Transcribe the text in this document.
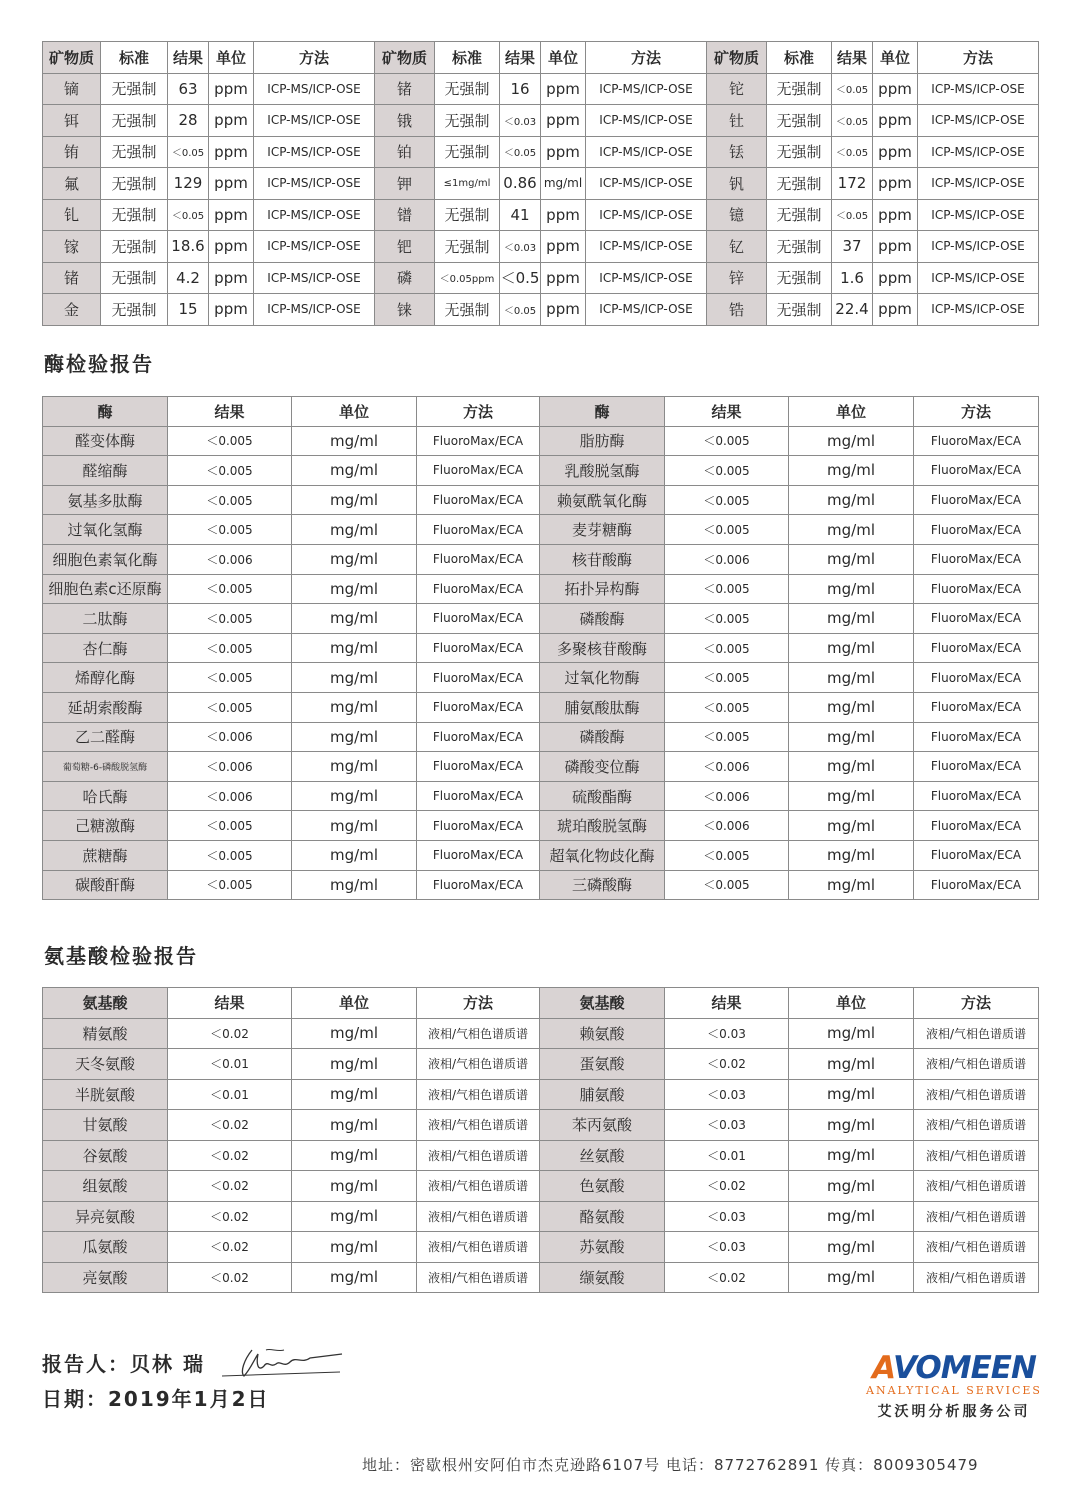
矿物质	标准	结果	单位	方法	矿物质	标准	结果	单位	方法	矿物质	标准	结果	单位	方法
镝	无强制	63	ppm	ICP-MS/ICP-OSE	锗	无强制	16	ppm	ICP-MS/ICP-OSE	铊	无强制	＜0.05	ppm	ICP-MS/ICP-OSE
铒	无强制	28	ppm	ICP-MS/ICP-OSE	锇	无强制	＜0.03	ppm	ICP-MS/ICP-OSE	钍	无强制	＜0.05	ppm	ICP-MS/ICP-OSE
铕	无强制	＜0.05	ppm	ICP-MS/ICP-OSE	铂	无强制	＜0.05	ppm	ICP-MS/ICP-OSE	铥	无强制	＜0.05	ppm	ICP-MS/ICP-OSE
氟	无强制	129	ppm	ICP-MS/ICP-OSE	钾	≤1mg/ml	0.86	mg/ml	ICP-MS/ICP-OSE	钒	无强制	172	ppm	ICP-MS/ICP-OSE
钆	无强制	＜0.05	ppm	ICP-MS/ICP-OSE	镨	无强制	41	ppm	ICP-MS/ICP-OSE	镱	无强制	＜0.05	ppm	ICP-MS/ICP-OSE
镓	无强制	18.6	ppm	ICP-MS/ICP-OSE	钯	无强制	＜0.03	ppm	ICP-MS/ICP-OSE	钇	无强制	37	ppm	ICP-MS/ICP-OSE
锗	无强制	4.2	ppm	ICP-MS/ICP-OSE	磷	＜0.05ppm	＜0.5	ppm	ICP-MS/ICP-OSE	锌	无强制	1.6	ppm	ICP-MS/ICP-OSE
金	无强制	15	ppm	ICP-MS/ICP-OSE	铼	无强制	＜0.05	ppm	ICP-MS/ICP-OSE	锆	无强制	22.4	ppm	ICP-MS/ICP-OSE
酶检验报告
酶	结果	单位	方法	酶	结果	单位	方法
醛变体酶	＜0.005	mg/ml	FluoroMax/ECA	脂肪酶	＜0.005	mg/ml	FluoroMax/ECA
醛缩酶	＜0.005	mg/ml	FluoroMax/ECA	乳酸脱氢酶	＜0.005	mg/ml	FluoroMax/ECA
氨基多肽酶	＜0.005	mg/ml	FluoroMax/ECA	赖氨酰氧化酶	＜0.005	mg/ml	FluoroMax/ECA
过氧化氢酶	＜0.005	mg/ml	FluoroMax/ECA	麦芽糖酶	＜0.005	mg/ml	FluoroMax/ECA
细胞色素氧化酶	＜0.006	mg/ml	FluoroMax/ECA	核苷酸酶	＜0.006	mg/ml	FluoroMax/ECA
细胞色素c还原酶	＜0.005	mg/ml	FluoroMax/ECA	拓扑异构酶	＜0.005	mg/ml	FluoroMax/ECA
二肽酶	＜0.005	mg/ml	FluoroMax/ECA	磷酸酶	＜0.005	mg/ml	FluoroMax/ECA
杏仁酶	＜0.005	mg/ml	FluoroMax/ECA	多聚核苷酸酶	＜0.005	mg/ml	FluoroMax/ECA
烯醇化酶	＜0.005	mg/ml	FluoroMax/ECA	过氧化物酶	＜0.005	mg/ml	FluoroMax/ECA
延胡索酸酶	＜0.005	mg/ml	FluoroMax/ECA	脯氨酸肽酶	＜0.005	mg/ml	FluoroMax/ECA
乙二醛酶	＜0.006	mg/ml	FluoroMax/ECA	磷酸酶	＜0.005	mg/ml	FluoroMax/ECA
葡萄糖-6-磷酸脱氢酶	＜0.006	mg/ml	FluoroMax/ECA	磷酸变位酶	＜0.006	mg/ml	FluoroMax/ECA
哈氏酶	＜0.006	mg/ml	FluoroMax/ECA	硫酸酯酶	＜0.006	mg/ml	FluoroMax/ECA
己糖激酶	＜0.005	mg/ml	FluoroMax/ECA	琥珀酸脱氢酶	＜0.006	mg/ml	FluoroMax/ECA
蔗糖酶	＜0.005	mg/ml	FluoroMax/ECA	超氧化物歧化酶	＜0.005	mg/ml	FluoroMax/ECA
碳酸酐酶	＜0.005	mg/ml	FluoroMax/ECA	三磷酸酶	＜0.005	mg/ml	FluoroMax/ECA
氨基酸检验报告
氨基酸	结果	单位	方法	氨基酸	结果	单位	方法
精氨酸	＜0.02	mg/ml	液相/气相色谱质谱	赖氨酸	＜0.03	mg/ml	液相/气相色谱质谱
天冬氨酸	＜0.01	mg/ml	液相/气相色谱质谱	蛋氨酸	＜0.02	mg/ml	液相/气相色谱质谱
半胱氨酸	＜0.01	mg/ml	液相/气相色谱质谱	脯氨酸	＜0.03	mg/ml	液相/气相色谱质谱
甘氨酸	＜0.02	mg/ml	液相/气相色谱质谱	苯丙氨酸	＜0.03	mg/ml	液相/气相色谱质谱
谷氨酸	＜0.02	mg/ml	液相/气相色谱质谱	丝氨酸	＜0.01	mg/ml	液相/气相色谱质谱
组氨酸	＜0.02	mg/ml	液相/气相色谱质谱	色氨酸	＜0.02	mg/ml	液相/气相色谱质谱
异亮氨酸	＜0.02	mg/ml	液相/气相色谱质谱	酪氨酸	＜0.03	mg/ml	液相/气相色谱质谱
瓜氨酸	＜0.02	mg/ml	液相/气相色谱质谱	苏氨酸	＜0.03	mg/ml	液相/气相色谱质谱
亮氨酸	＜0.02	mg/ml	液相/气相色谱质谱	缬氨酸	＜0.02	mg/ml	液相/气相色谱质谱
报告人：贝林 瑞
日期：2019年1月2日
AVOMEEN
ANALYTICAL SERVICES
艾沃明分析服务公司
地址：密歇根州安阿伯市杰克逊路6107号 电话：8772762891 传真：8009305479
